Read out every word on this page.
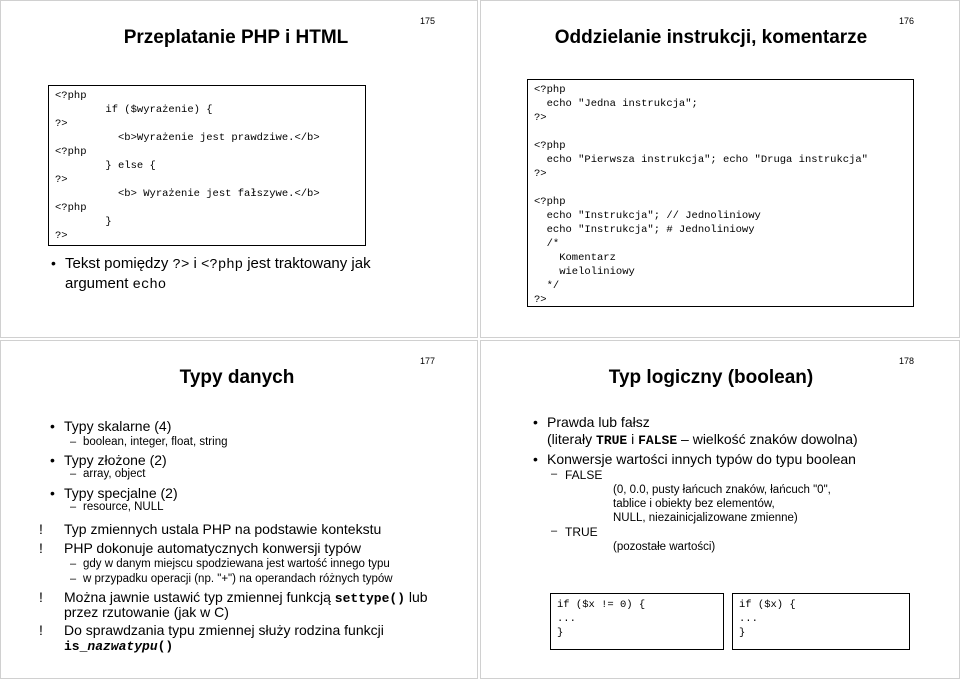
175
Przeplatanie PHP i HTML
<?php
if ($wyrażenie) {
?>
<b>Wyrażenie jest prawdziwe.</b>
<?php
} else {
?>
<b> Wyrażenie jest fałszywe.</b>
<?php
}
?>
• Tekst pomiędzy ?> i <?php jest traktowany jak
argument echo
176
Oddzielanie instrukcji, komentarze
<?php
echo "Jedna instrukcja";
?>
<?php
echo "Pierwsza instrukcja"; echo "Druga instrukcja"
?>
<?php
echo "Instrukcja"; // Jednoliniowy
echo "Instrukcja"; # Jednoliniowy
/*
Komentarz
wieloliniowy
*/
?>
177
Typy danych
• Typy skalarne (4)
– boolean, integer, float, string
• Typy złożone (2)
– array, object
• Typy specjalne (2)
– resource, NULL
! Typ zmiennych ustala PHP na podstawie kontekstu
! PHP dokonuje automatycznych konwersji typów
– gdy w danym miejscu spodziewana jest wartość innego typu
– w przypadku operacji (np. "+") na operandach różnych typów
! Można jawnie ustawić typ zmiennej funkcją settype() lub
przez rzutowanie (jak w C)
! Do sprawdzania typu zmiennej służy rodzina funkcji
is_nazwatypu()
178
Typ logiczny (boolean)
• Prawda lub fałsz
(literały TRUE i FALSE – wielkość znaków dowolna)
• Konwersje wartości innych typów do typu boolean
– FALSE
(0, 0.0, pusty łańcuch znaków, łańcuch "0",
tablice i obiekty bez elementów,
NULL, niezainicjalizowane zmienne)
– TRUE
(pozostałe wartości)
if ($x != 0) {
...
}
if ($x) {
...
}
